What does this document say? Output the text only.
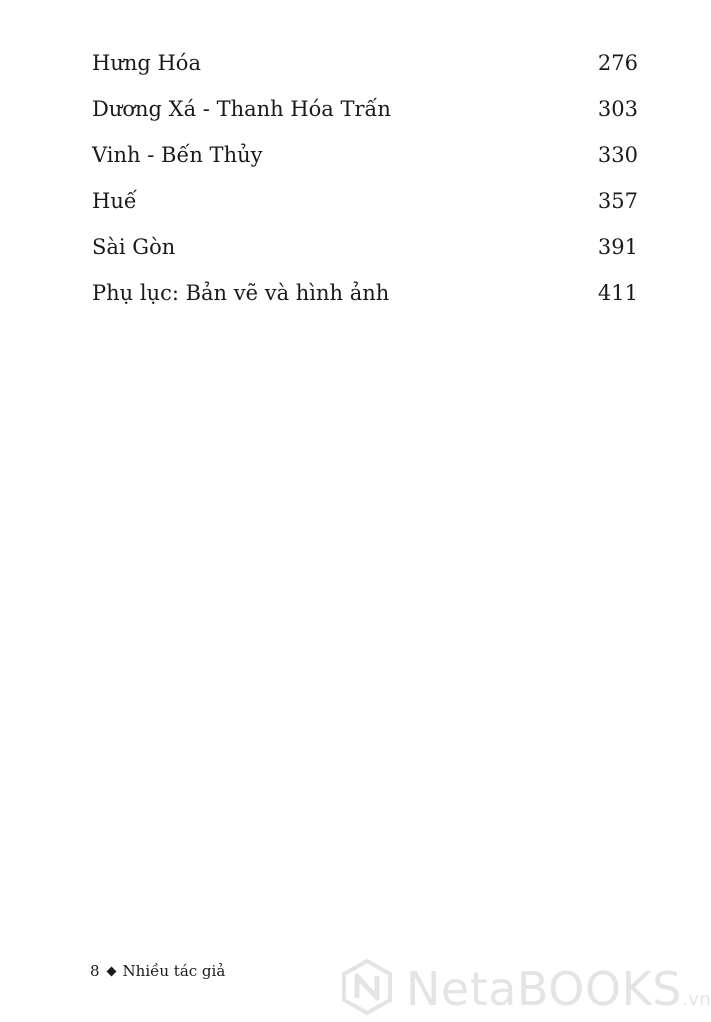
Hưng Hóa	276
Dương Xá - Thanh Hóa Trấn	303
Vinh - Bến Thủy	330
Huế	357
Sài Gòn	391
Phụ lục: Bản vẽ và hình ảnh	411
8 Nhiều tác giả	NetaBOOKS.vn
